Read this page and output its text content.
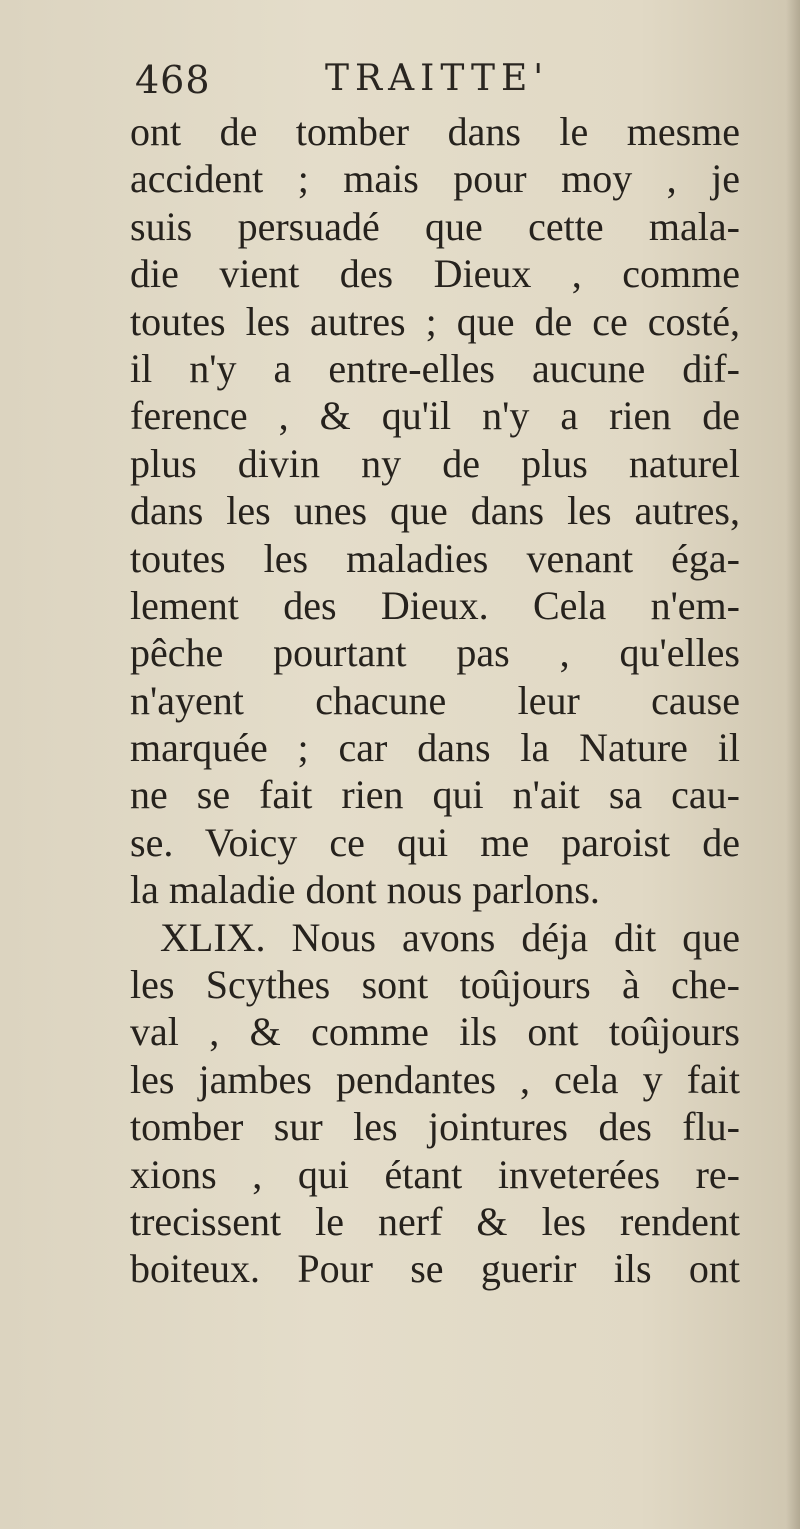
468	TRAITTE'
ont de tomber dans le mesme
accident ; mais pour moy , je
suis persuadé que cette mala-
die vient des Dieux , comme
toutes les autres ; que de ce costé,
il n'y a entre-elles aucune dif-
ference , & qu'il n'y a rien de
plus divin ny de plus naturel
dans les unes que dans les autres,
toutes les maladies venant éga-
lement des Dieux. Cela n'em-
pêche pourtant pas , qu'elles
n'ayent chacune leur cause
marquée ; car dans la Nature il
ne se fait rien qui n'ait sa cau-
se. Voicy ce qui me paroist de
la maladie dont nous parlons.
XLIX. Nous avons déja dit que
les Scythes sont toûjours à che-
val , & comme ils ont toûjours
les jambes pendantes , cela y fait
tomber sur les jointures des flu-
xions , qui étant inveterées re-
trecissent le nerf & les rendent
boiteux. Pour se guerir ils ont
